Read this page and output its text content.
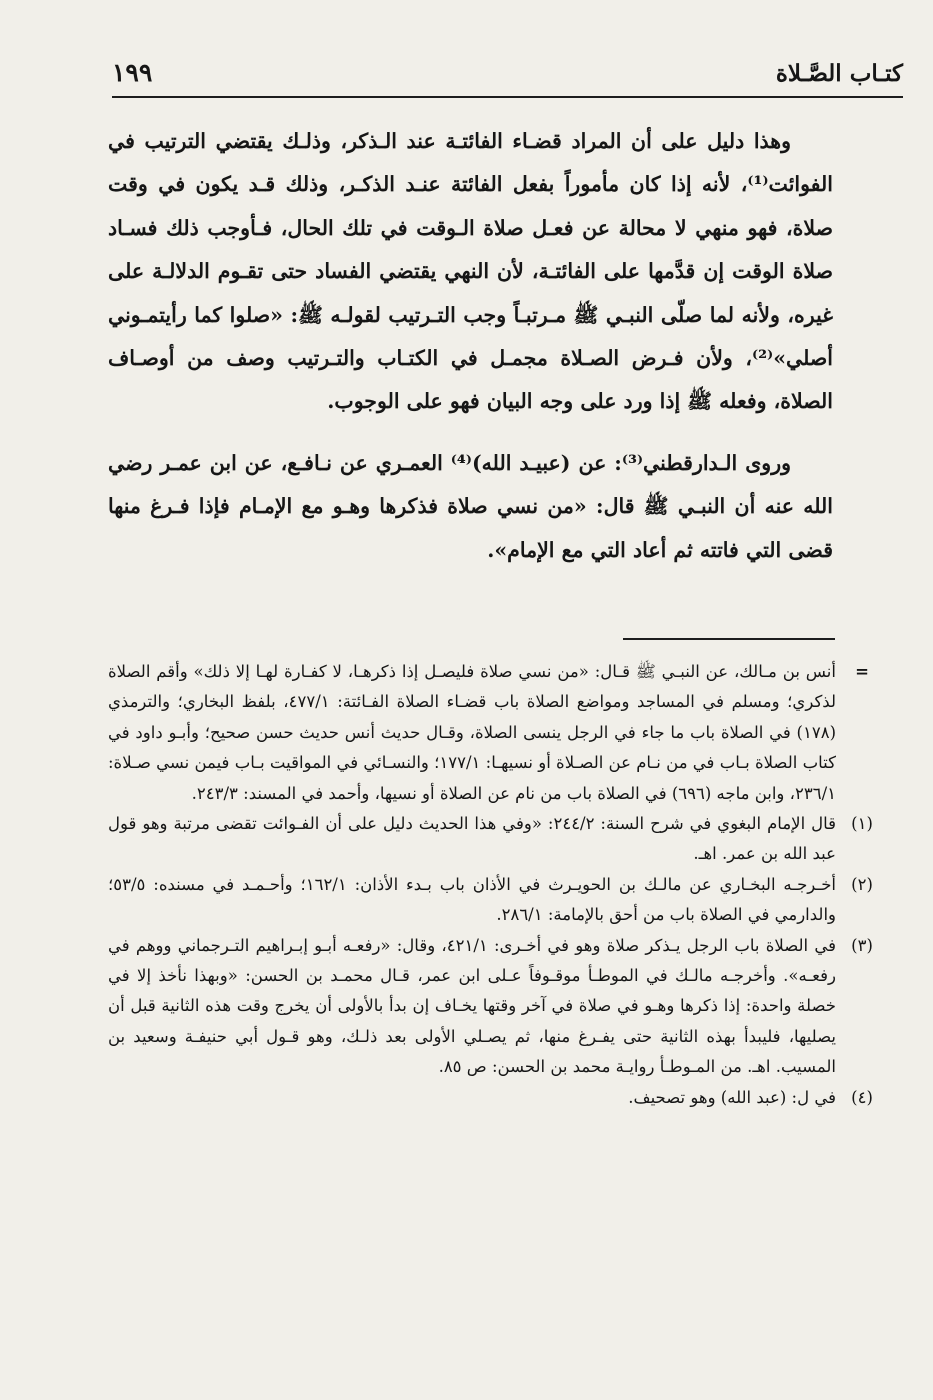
كتـاب الصَّـلاة
١٩٩

وهذا دليل على أن المراد قضـاء الفائتـة عند الـذكر، وذلـك يقتضي الترتيب في الفوائت⁽¹⁾، لأنه إذا كان مأموراً بفعل الفائتة عنـد الذكـر، وذلك قـد يكون في وقت صلاة، فهو منهي لا محالة عن فعـل صلاة الـوقت في تلك الحال، فـأوجب ذلك فسـاد صلاة الوقت إن قدَّمها على الفائتـة، لأن النهي يقتضي الفساد حتى تقـوم الدلالـة على غيره، ولأنه لما صلّى النبـي ﷺ مـرتبـاً وجب التـرتيب لقولـه ﷺ: «صلوا كما رأيتمـوني أصلي»⁽²⁾، ولأن فـرض الصـلاة مجمـل في الكتـاب والتـرتيب وصف من أوصـاف الصلاة، وفعله ﷺ إذا ورد على وجه البيان فهو على الوجوب.

وروى الـدارقطني⁽³⁾: عن (عبيـد الله)⁽⁴⁾ العمـري عن نـافـع، عن ابن عمـر رضي الله عنه أن النبـي ﷺ قال: «من نسي صلاة فذكرها وهـو مع الإمـام فإذا فـرغ منها قضى التي فاتته ثم أعاد التي مع الإمام».

=
أنس بن مـالك، عن النبـي ﷺ قـال: «من نسي صلاة فليصـل إذا ذكرهـا، لا كفـارة لهـا إلا ذلك» وأقم الصلاة لذكري؛ ومسلم في المساجد ومواضع الصلاة باب قضـاء الصلاة الفـائتة: ٤٧٧/١، بلفظ البخاري؛ والترمذي (١٧٨) في الصلاة باب ما جاء في الرجل ينسى الصلاة، وقـال حديث أنس حديث حسن صحيح؛ وأبـو داود في كتاب الصلاة بـاب في من نـام عن الصـلاة أو نسيهـا: ١٧٧/١؛ والنسـائي في المواقيت بـاب فيمن نسي صـلاة: ٢٣٦/١، وابن ماجه (٦٩٦) في الصلاة باب من نام عن الصلاة أو نسيها، وأحمد في المسند: ٢٤٣/٣.
(١)
قال الإمام البغوي في شرح السنة: ٢٤٤/٢: «وفي هذا الحديث دليل على أن الفـوائت تقضى مرتبة وهو قول عبد الله بن عمر. اهـ.
(٢)
أخـرجـه البخـاري عن مالـك بن الحويـرث في الأذان باب بـدء الأذان: ١٦٢/١؛ وأحـمـد في مسنده: ٥٣/٥؛ والدارمي في الصلاة باب من أحق بالإمامة: ٢٨٦/١.
(٣)
في الصلاة باب الرجل يـذكر صلاة وهو في أخـرى: ٤٢١/١، وقال: «رفعـه أبـو إبـراهيم التـرجماني ووهم في رفعـه». وأخرجـه مالـك في الموطـأ موقـوفاً عـلى ابن عمر، قـال محمـد بن الحسن: «وبهذا نأخذ إلا في خصلة واحدة: إذا ذكرها وهـو في صلاة في آخر وقتها يخـاف إن بدأ بالأولى أن يخرج وقت هذه الثانية قبل أن يصليها، فليبدأ بهذه الثانية حتى يفـرغ منها، ثم يصـلي الأولى بعد ذلـك، وهو قـول أبي حنيفـة وسعيد بن المسيب. اهـ. من المـوطـأ روايـة محمد بن الحسن: ص ٨٥.
(٤)
في ل: (عبد الله) وهو تصحيف.
